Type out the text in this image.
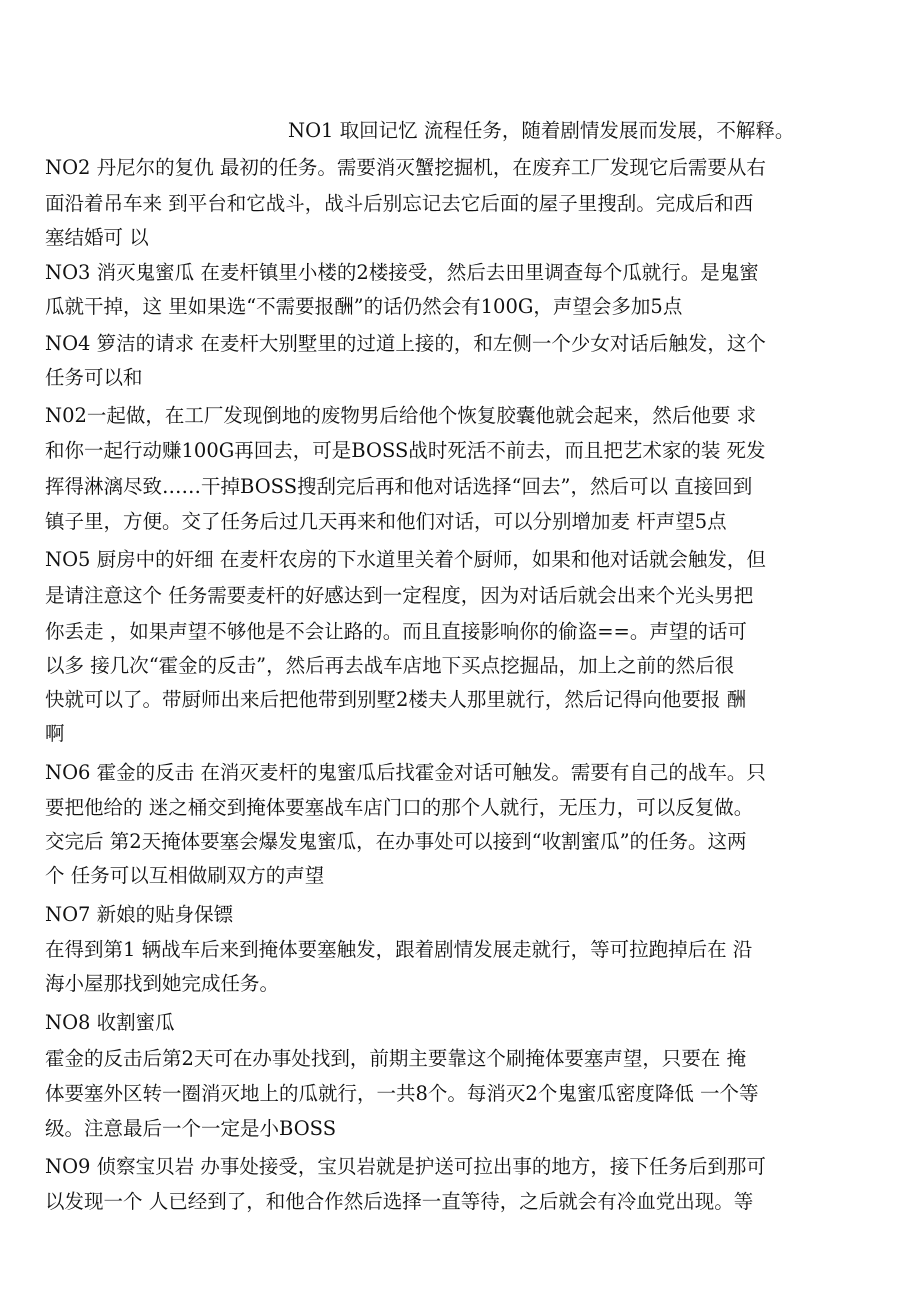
NO1 取回记忆 流程任务，随着剧情发展而发展，不解释。
NO2 丹尼尔的复仇 最初的任务。需要消灭蟹挖掘机，在废弃工厂发现它后需要从右
面沿着吊车来 到平台和它战斗，战斗后别忘记去它后面的屋子里搜刮。完成后和西
塞结婚可 以
NO3 消灭鬼蜜瓜 在麦杆镇里小楼的2楼接受，然后去田里调查每个瓜就行。是鬼蜜
瓜就干掉，这 里如果选“不需要报酬”的话仍然会有100G，声望会多加5点
NO4 箩洁的请求 在麦杆大别墅里的过道上接的，和左侧一个少女对话后触发，这个
任务可以和
N02一起做，在工厂发现倒地的废物男后给他个恢复胶囊他就会起来，然后他要 求
和你一起行动赚100G再回去，可是BOSS战时死活不前去，而且把艺术家的装 死发
挥得淋漓尽致……干掉BOSS搜刮完后再和他对话选择“回去”，然后可以 直接回到
镇子里，方便。交了任务后过几天再来和他们对话，可以分别增加麦 杆声望5点
NO5 厨房中的奸细 在麦杆农房的下水道里关着个厨师，如果和他对话就会触发，但
是请注意这个 任务需要麦杆的好感达到一定程度，因为对话后就会出来个光头男把
你丢走 ，如果声望不够他是不会让路的。而且直接影响你的偷盗==。声望的话可
以多 接几次“霍金的反击”，然后再去战车店地下买点挖掘品，加上之前的然后很
快就可以了。带厨师出来后把他带到别墅2楼夫人那里就行，然后记得向他要报 酬
啊
NO6 霍金的反击 在消灭麦杆的鬼蜜瓜后找霍金对话可触发。需要有自己的战车。只
要把他给的 迷之桶交到掩体要塞战车店门口的那个人就行，无压力，可以反复做。
交完后 第2天掩体要塞会爆发鬼蜜瓜，在办事处可以接到“收割蜜瓜”的任务。这两
个 任务可以互相做刷双方的声望
NO7 新娘的贴身保镖
在得到第1 辆战车后来到掩体要塞触发，跟着剧情发展走就行，等可拉跑掉后在 沿
海小屋那找到她完成任务。
NO8 收割蜜瓜
霍金的反击后第2天可在办事处找到，前期主要靠这个刷掩体要塞声望，只要在 掩
体要塞外区转一圈消灭地上的瓜就行，一共8个。每消灭2个鬼蜜瓜密度降低 一个等
级。注意最后一个一定是小BOSS
NO9 侦察宝贝岩 办事处接受，宝贝岩就是护送可拉出事的地方，接下任务后到那可
以发现一个 人已经到了，和他合作然后选择一直等待，之后就会有冷血党出现。等
